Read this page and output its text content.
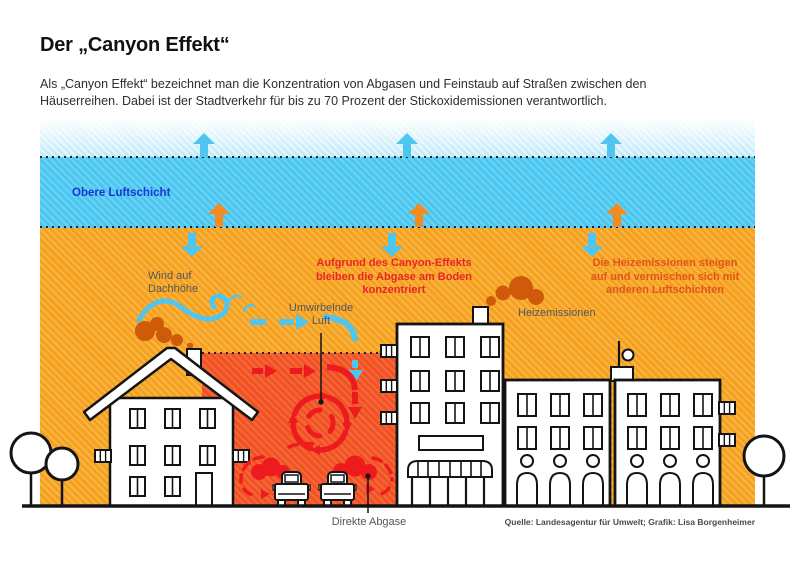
Der „Canyon Effekt“

Als „Canyon Effekt“ bezeichnet man die Konzentration von Abgasen und Feinstaub auf Straßen zwischen den
Häuserreihen. Dabei ist der Stadtverkehr für bis zu 70 Prozent der Stickoxidemissionen verantwortlich.

Obere Luftschicht
Wind auf
Dachhöhe
Umwirbelnde
Luft
Aufgrund des Canyon-Effekts
bleiben die Abgase am Boden
konzentriert
Die Heizemissionen steigen
auf und vermischen sich mit
anderen Luftschichten
Heizemissionen
Direkte Abgase	Quelle: Landesagentur für Umwelt; Grafik: Lisa Borgenheimer
